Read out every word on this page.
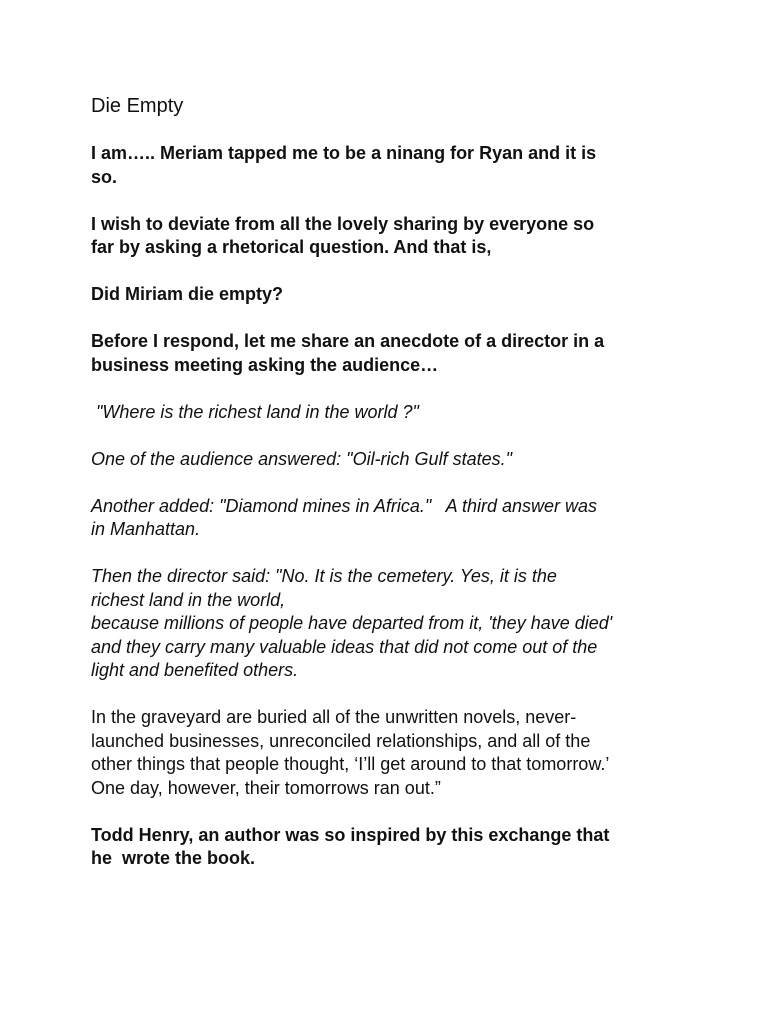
Die Empty

I am….. Meriam tapped me to be a ninang for Ryan and it is
so.

I wish to deviate from all the lovely sharing by everyone so
far by asking a rhetorical question. And that is,

Did Miriam die empty?

Before I respond, let me share an anecdote of a director in a
business meeting asking the audience…

"Where is the richest land in the world ?"

One of the audience answered: "Oil-rich Gulf states."

Another added: "Diamond mines in Africa."   A third answer was
in Manhattan.

Then the director said: "No. It is the cemetery. Yes, it is the
richest land in the world,
because millions of people have departed from it, 'they have died'
and they carry many valuable ideas that did not come out of the
light and benefited others.

In the graveyard are buried all of the unwritten novels, never-
launched businesses, unreconciled relationships, and all of the
other things that people thought, ‘I’ll get around to that tomorrow.’
One day, however, their tomorrows ran out.”

Todd Henry, an author was so inspired by this exchange that
he  wrote the book.
